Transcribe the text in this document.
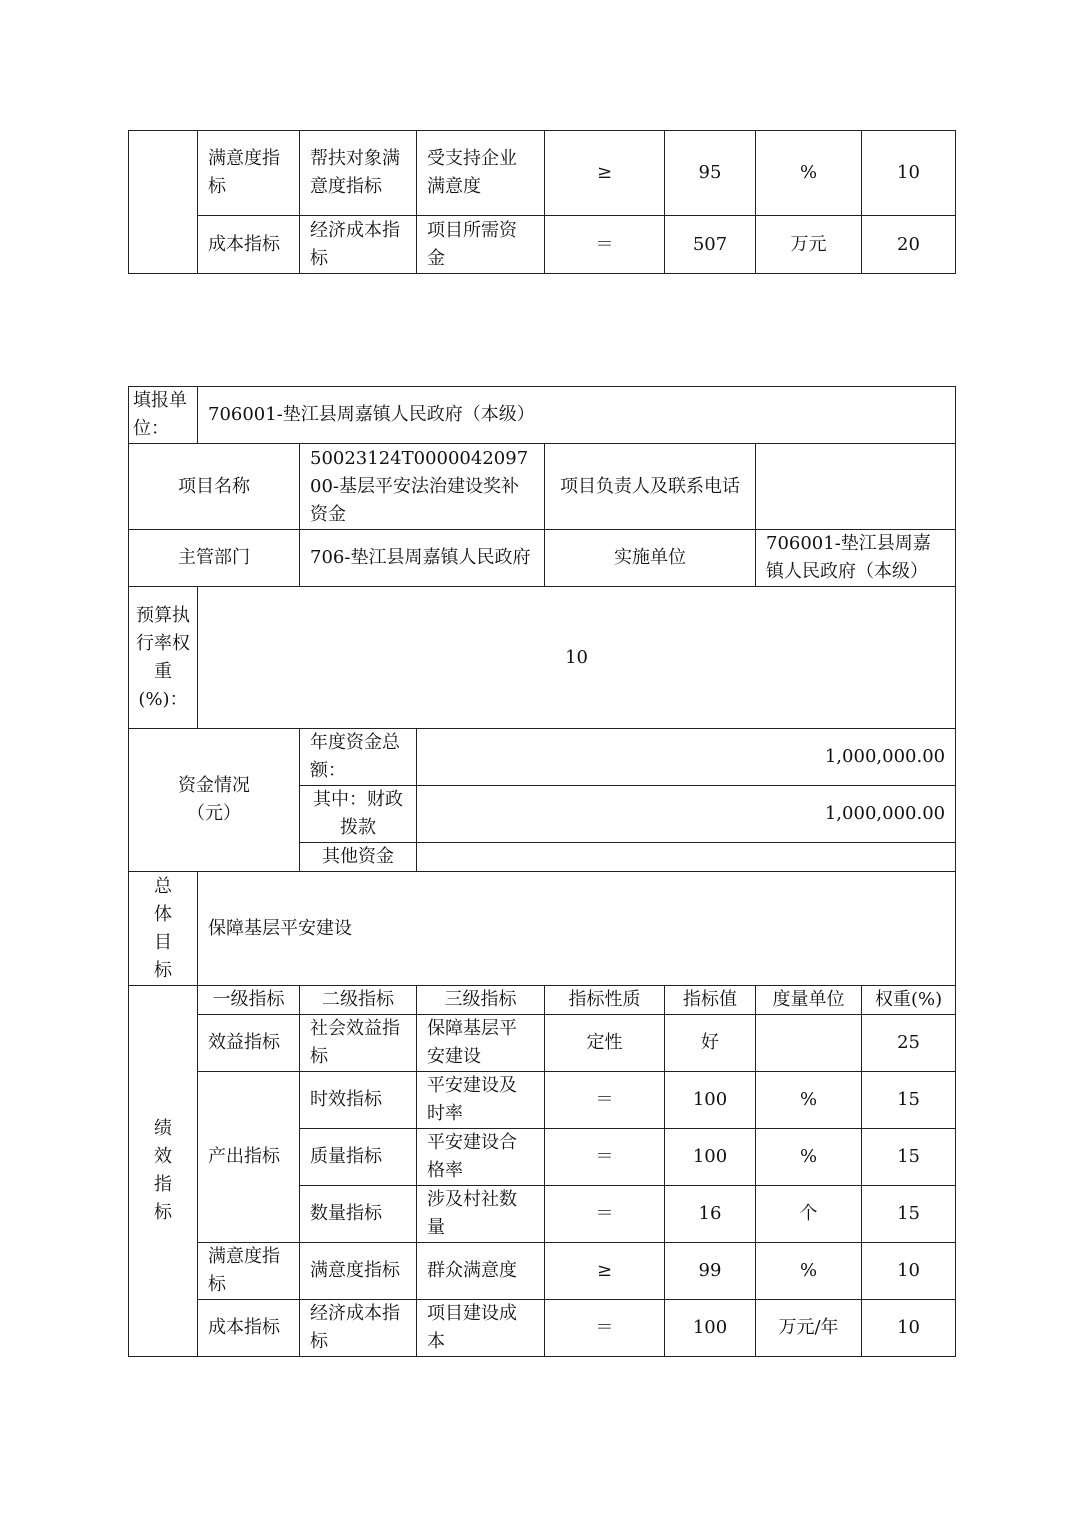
	满意度指标	帮扶对象满意度指标	受支持企业满意度	≥	95	%	10
	成本指标	经济成本指标	项目所需资金	＝	507	万元	20
填报单位：	706001-垫江县周嘉镇人民政府（本级）						
项目名称		50023124T000004209700-基层平安法治建设奖补资金		项目负责人及联系电话			
主管部门		706-垫江县周嘉镇人民政府		实施单位		706001-垫江县周嘉镇人民政府（本级）	
预算执行率权重(%)：	10						

资金情况（元）		年度资金总额：	1,000,000.00				
		其中：财政拨款	1,000,000.00				
		其他资金					

总体目标	保障基层平安建设						

绩效指标	一级指标	二级指标	三级指标	指标性质	指标值	度量单位	权重(%)
	效益指标	社会效益指标	保障基层平安建设	定性	好		25
	产出指标	时效指标	平安建设及时率	＝	100	%	15
		质量指标	平安建设合格率	＝	100	%	15
		数量指标	涉及村社数量	＝	16	个	15
	满意度指标	满意度指标	群众满意度	≥	99	%	10
	成本指标	经济成本指标	项目建设成本	＝	100	万元/年	10
